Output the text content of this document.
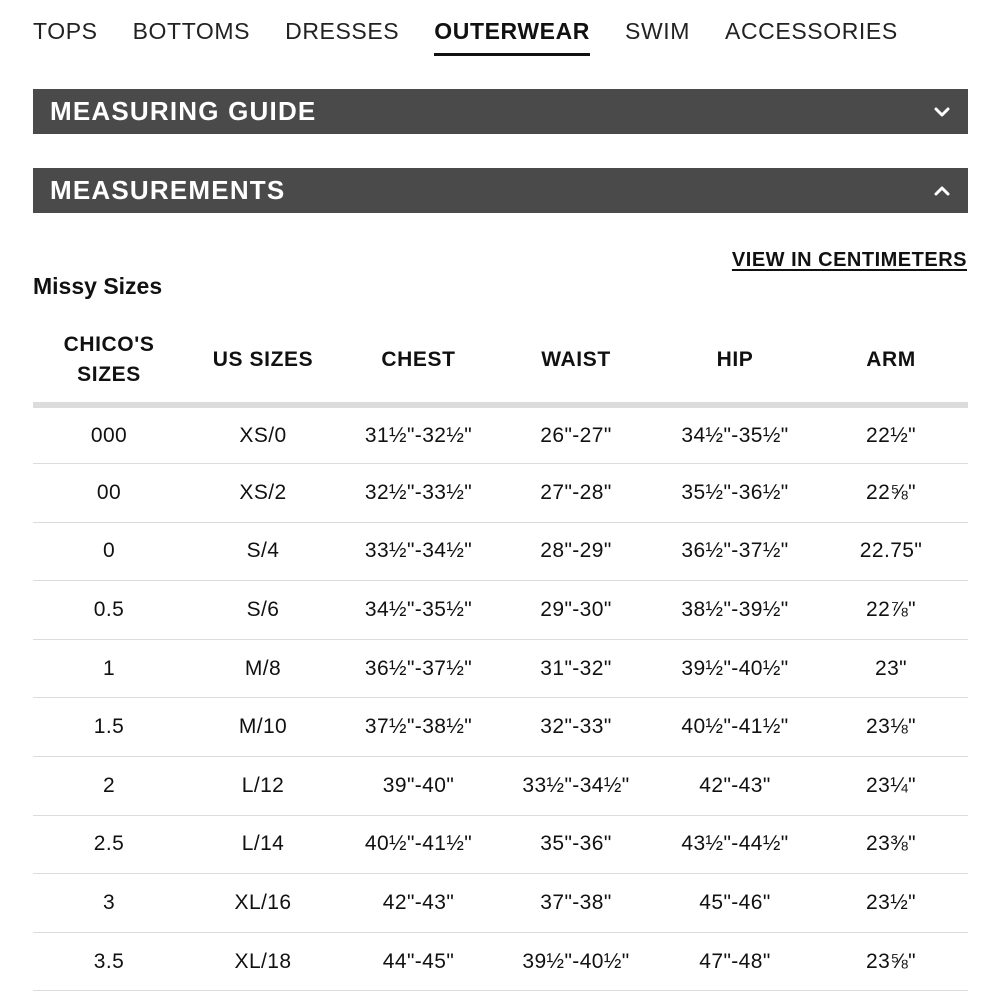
TOPS BOTTOMS DRESSES OUTERWEAR SWIM ACCESSORIES
MEASURING GUIDE
MEASUREMENTS
VIEW IN CENTIMETERS
Missy Sizes
CHICO'S SIZES	US SIZES	CHEST	WAIST	HIP	ARM
000	XS/0	31½"-32½"	26"-27"	34½"-35½"	22½"
00	XS/2	32½"-33½"	27"-28"	35½"-36½"	22⅝"
0	S/4	33½"-34½"	28"-29"	36½"-37½"	22.75"
0.5	S/6	34½"-35½"	29"-30"	38½"-39½"	22⅞"
1	M/8	36½"-37½"	31"-32"	39½"-40½"	23"
1.5	M/10	37½"-38½"	32"-33"	40½"-41½"	23⅛"
2	L/12	39"-40"	33½"-34½"	42"-43"	23¼"
2.5	L/14	40½"-41½"	35"-36"	43½"-44½"	23⅜"
3	XL/16	42"-43"	37"-38"	45"-46"	23½"
3.5	XL/18	44"-45"	39½"-40½"	47"-48"	23⅝"
